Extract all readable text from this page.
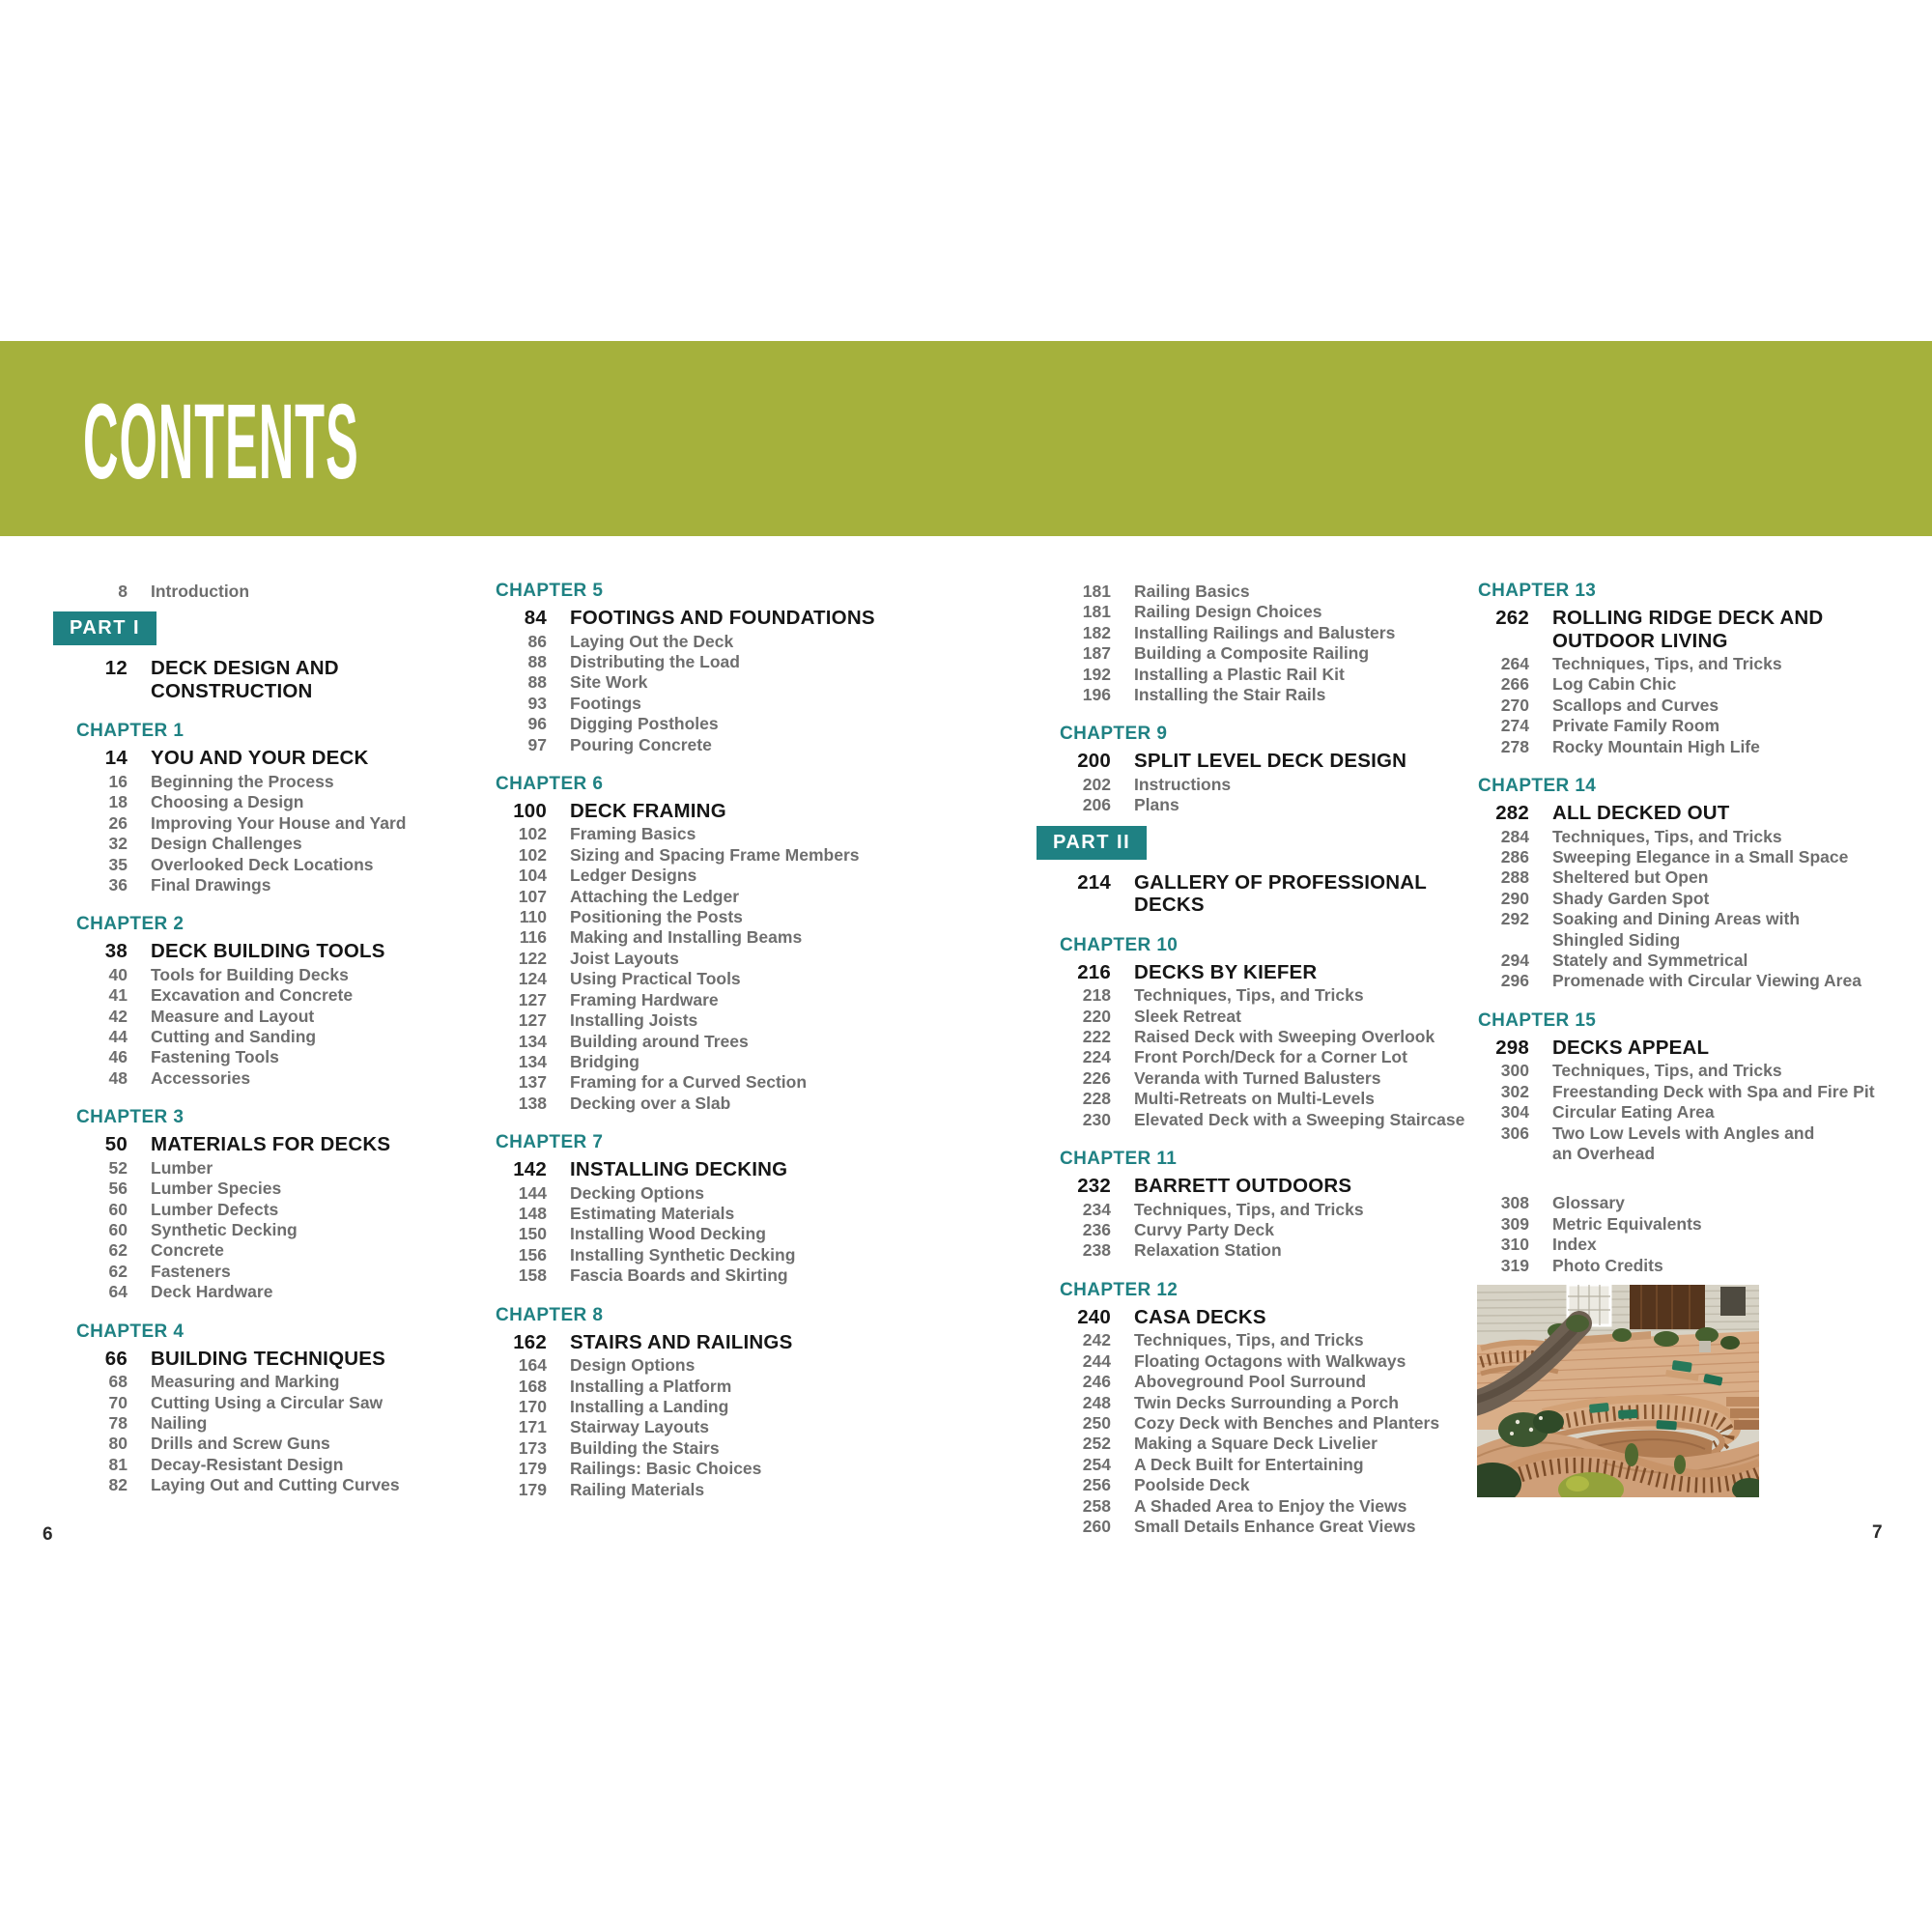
CONTENTS
8 Introduction
PART I
12 DECK DESIGN AND
CONSTRUCTION
CHAPTER 1
14 YOU AND YOUR DECK
16 Beginning the Process
18 Choosing a Design
26 Improving Your House and Yard
32 Design Challenges
35 Overlooked Deck Locations
36 Final Drawings
CHAPTER 2
38 DECK BUILDING TOOLS
40 Tools for Building Decks
41 Excavation and Concrete
42 Measure and Layout
44 Cutting and Sanding
46 Fastening Tools
48 Accessories
CHAPTER 3
50 MATERIALS FOR DECKS
52 Lumber
56 Lumber Species
60 Lumber Defects
60 Synthetic Decking
62 Concrete
62 Fasteners
64 Deck Hardware
CHAPTER 4
66 BUILDING TECHNIQUES
68 Measuring and Marking
70 Cutting Using a Circular Saw
78 Nailing
80 Drills and Screw Guns
81 Decay-Resistant Design
82 Laying Out and Cutting Curves
CHAPTER 5
84 FOOTINGS AND FOUNDATIONS
86 Laying Out the Deck
88 Distributing the Load
88 Site Work
93 Footings
96 Digging Postholes
97 Pouring Concrete
CHAPTER 6
100 DECK FRAMING
102 Framing Basics
102 Sizing and Spacing Frame Members
104 Ledger Designs
107 Attaching the Ledger
110 Positioning the Posts
116 Making and Installing Beams
122 Joist Layouts
124 Using Practical Tools
127 Framing Hardware
127 Installing Joists
134 Building around Trees
134 Bridging
137 Framing for a Curved Section
138 Decking over a Slab
CHAPTER 7
142 INSTALLING DECKING
144 Decking Options
148 Estimating Materials
150 Installing Wood Decking
156 Installing Synthetic Decking
158 Fascia Boards and Skirting
CHAPTER 8
162 STAIRS AND RAILINGS
164 Design Options
168 Installing a Platform
170 Installing a Landing
171 Stairway Layouts
173 Building the Stairs
179 Railings: Basic Choices
179 Railing Materials
181 Railing Basics
181 Railing Design Choices
182 Installing Railings and Balusters
187 Building a Composite Railing
192 Installing a Plastic Rail Kit
196 Installing the Stair Rails
CHAPTER 9
200 SPLIT LEVEL DECK DESIGN
202 Instructions
206 Plans
PART II
214 GALLERY OF PROFESSIONAL DECKS
CHAPTER 10
216 DECKS BY KIEFER
218 Techniques, Tips, and Tricks
220 Sleek Retreat
222 Raised Deck with Sweeping Overlook
224 Front Porch/Deck for a Corner Lot
226 Veranda with Turned Balusters
228 Multi-Retreats on Multi-Levels
230 Elevated Deck with a Sweeping Staircase
CHAPTER 11
232 BARRETT OUTDOORS
234 Techniques, Tips, and Tricks
236 Curvy Party Deck
238 Relaxation Station
CHAPTER 12
240 CASA DECKS
242 Techniques, Tips, and Tricks
244 Floating Octagons with Walkways
246 Aboveground Pool Surround
248 Twin Decks Surrounding a Porch
250 Cozy Deck with Benches and Planters
252 Making a Square Deck Livelier
254 A Deck Built for Entertaining
256 Poolside Deck
258 A Shaded Area to Enjoy the Views
260 Small Details Enhance Great Views
CHAPTER 13
262 ROLLING RIDGE DECK AND
OUTDOOR LIVING
264 Techniques, Tips, and Tricks
266 Log Cabin Chic
270 Scallops and Curves
274 Private Family Room
278 Rocky Mountain High Life
CHAPTER 14
282 ALL DECKED OUT
284 Techniques, Tips, and Tricks
286 Sweeping Elegance in a Small Space
288 Sheltered but Open
290 Shady Garden Spot
292 Soaking and Dining Areas with
Shingled Siding
294 Stately and Symmetrical
296 Promenade with Circular Viewing Area
CHAPTER 15
298 DECKS APPEAL
300 Techniques, Tips, and Tricks
302 Freestanding Deck with Spa and Fire Pit
304 Circular Eating Area
306 Two Low Levels with Angles and
an Overhead
308 Glossary
309 Metric Equivalents
310 Index
319 Photo Credits
6	7
